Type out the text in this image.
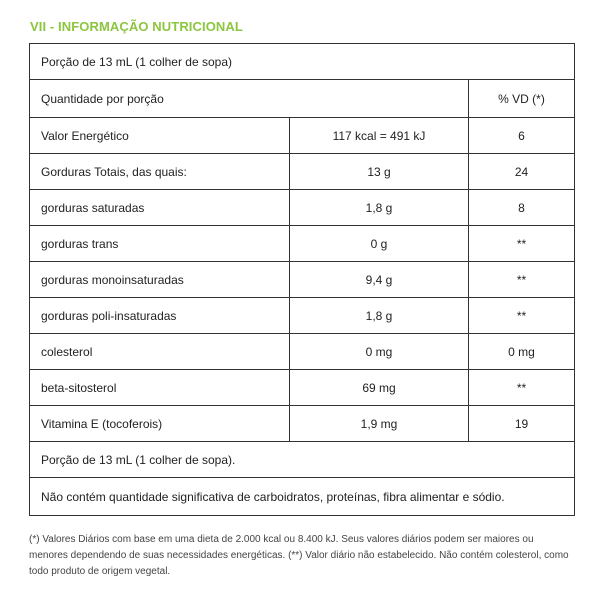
VII - INFORMAÇÃO NUTRICIONAL
Porção de 13 mL (1 colher de sopa)		
Quantidade por porção		% VD (*)
Valor Energético	117 kcal = 491 kJ	6
Gorduras Totais, das quais:	13 g	24
gorduras saturadas	1,8 g	8
gorduras trans	0 g	**
gorduras monoinsaturadas	9,4 g	**
gorduras poli-insaturadas	1,8 g	**
colesterol	0 mg	0 mg
beta-sitosterol	69 mg	**
Vitamina E (tocoferois)	1,9 mg	19
Porção de 13 mL (1 colher de sopa).		
Não contém quantidade significativa de carboidratos, proteínas, fibra alimentar e sódio.		
(*) Valores Diários com base em uma dieta de 2.000 kcal ou 8.400 kJ. Seus valores diários podem ser maiores ou menores dependendo de suas necessidades energéticas. (**) Valor diário não estabelecido. Não contém colesterol, como todo produto de origem vegetal.
